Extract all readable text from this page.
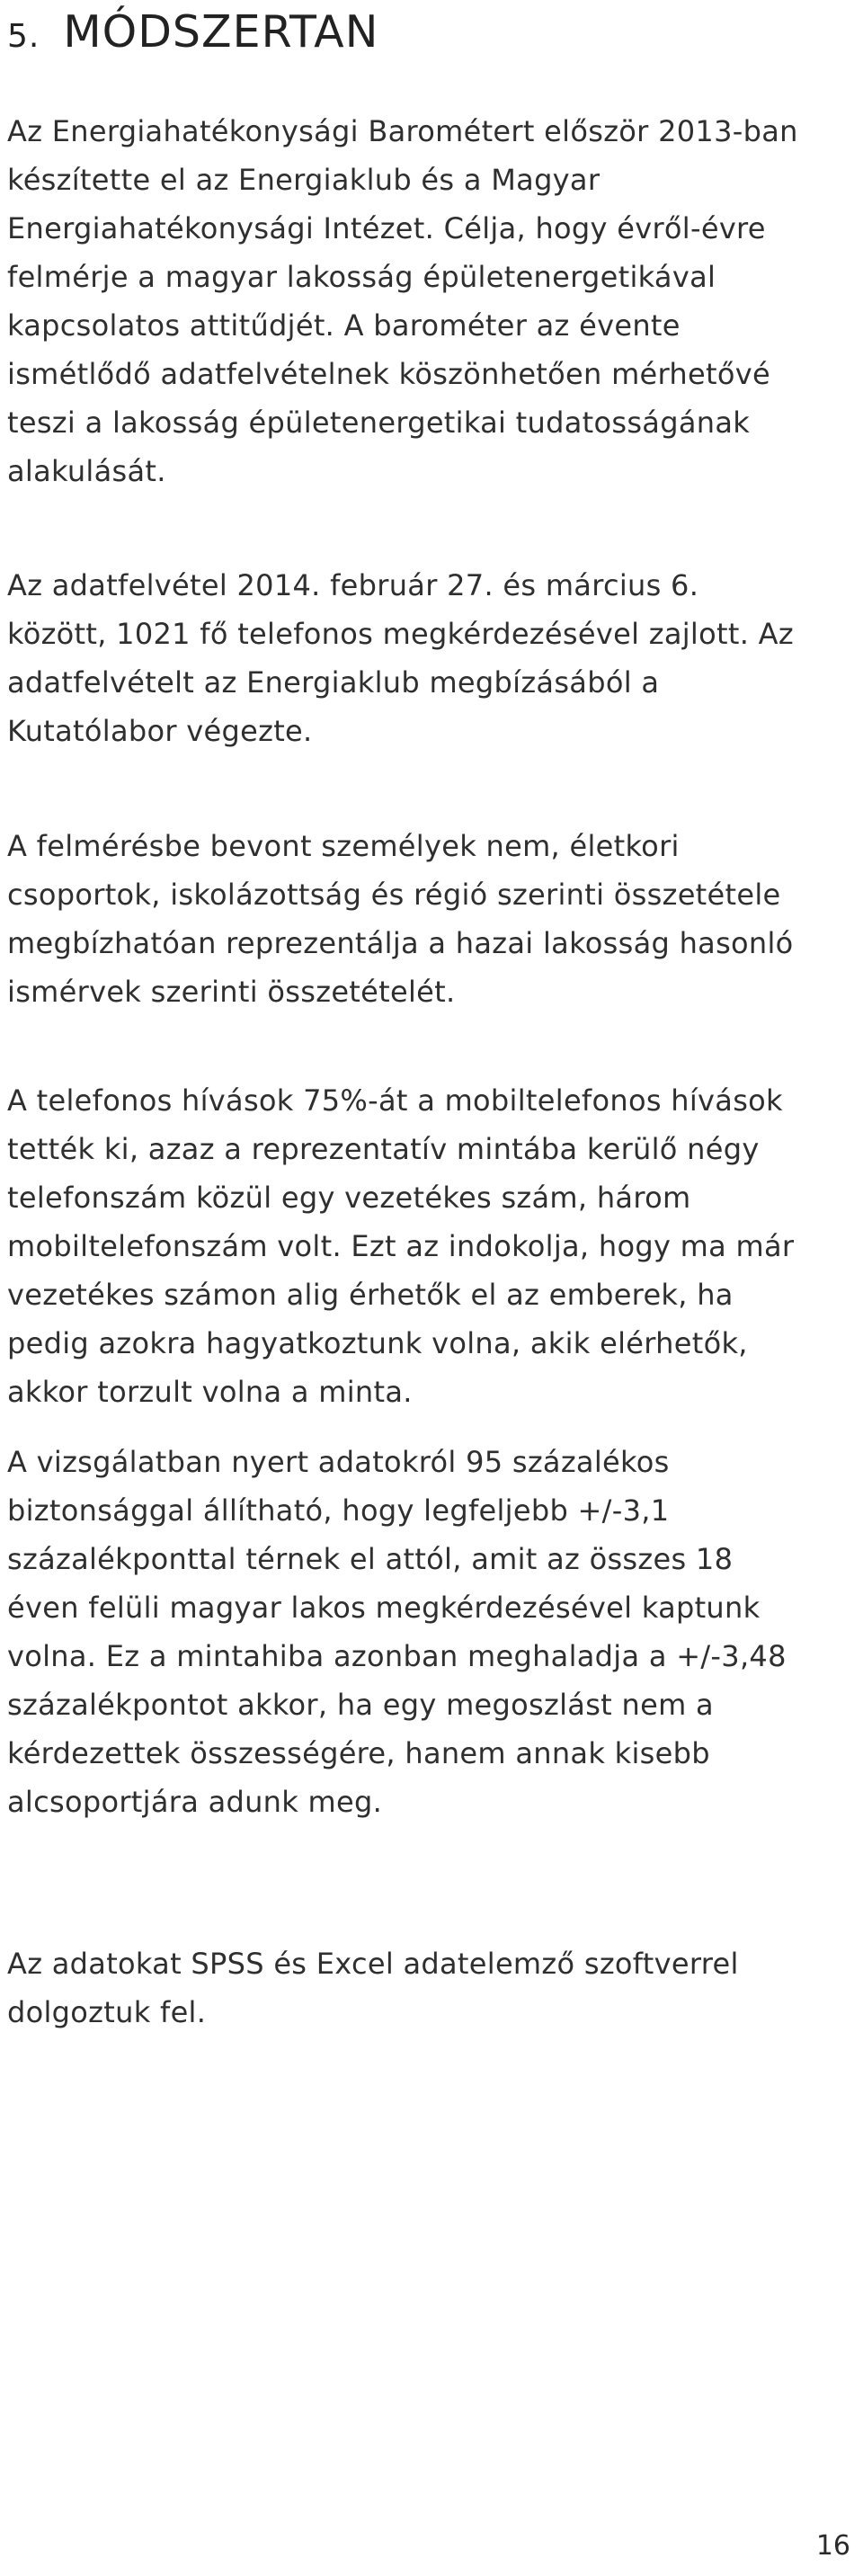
5. MÓDSZERTAN

Az Energiahatékonysági Barométert először 2013-ban készítette el az Energiaklub és a Magyar Energiahatékonysági Intézet. Célja, hogy évről-évre felmérje a magyar lakosság épületenergetikával kapcsolatos attitűdjét. A barométer az évente ismétlődő adatfelvételnek köszönhetően mérhetővé teszi a lakosság épületenergetikai tudatosságának alakulását.

Az adatfelvétel 2014. február 27. és március 6. között, 1021 fő telefonos megkérdezésével zajlott. Az adatfelvételt az Energiaklub megbízásából a Kutatólabor végezte.

A felmérésbe bevont személyek nem, életkori csoportok, iskolázottság és régió szerinti összetétele megbízhatóan reprezentálja a hazai lakosság hasonló ismérvek szerinti összetételét.

A telefonos hívások 75%-át a mobiltelefonos hívások tették ki, azaz a reprezentatív mintába kerülő négy telefonszám közül egy vezetékes szám, három mobiltelefonszám volt. Ezt az indokolja, hogy ma már vezetékes számon alig érhetők el az emberek, ha pedig azokra hagyatkoztunk volna, akik elérhetők, akkor torzult volna a minta.

A vizsgálatban nyert adatokról 95 százalékos biztonsággal állítható, hogy legfeljebb +/-3,1 százalékponttal térnek el attól, amit az összes 18 éven felüli magyar lakos megkérdezésével kaptunk volna. Ez a mintahiba azonban meghaladja a +/-3,48 százalékpontot akkor, ha egy megoszlást nem a kérdezettek összességére, hanem annak kisebb alcsoportjára adunk meg.

Az adatokat SPSS és Excel adatelemző szoftverrel dolgoztuk fel.

16
